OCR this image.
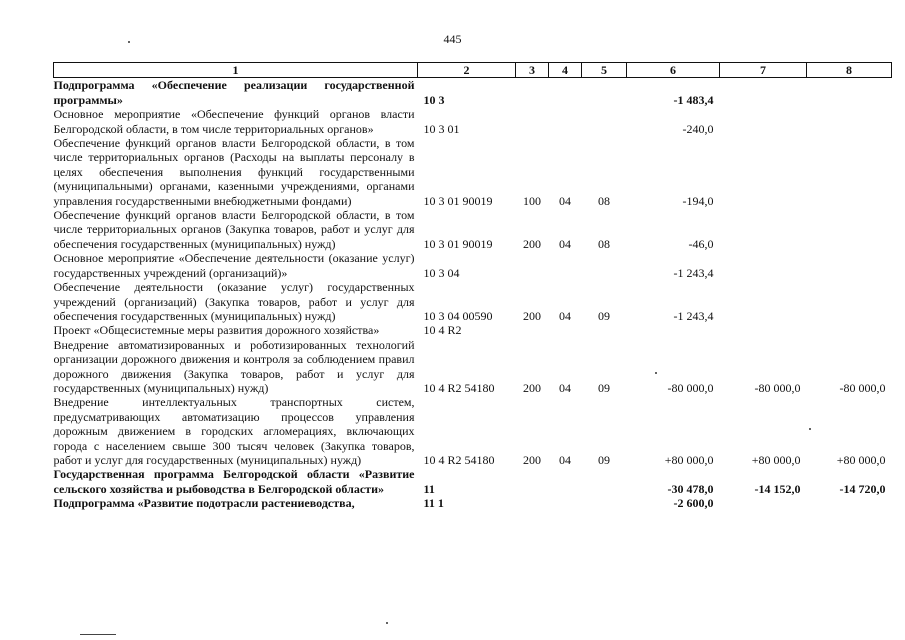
445
1	2	3	4	5	6	7	8
Подпрограмма «Обеспечение реализации государственной программы»	10 3				-1 483,4		
Основное мероприятие «Обеспечение функций органов власти Белгородской области, в том числе территориальных органов»	10 3 01				-240,0		
Обеспечение функций органов власти Белгородской области, в том числе территориальных органов (Расходы на выплаты персоналу в целях обеспечения выполнения функций государственными (муниципальными) органами, казенными учреждениями, органами управления государственными внебюджетными фондами)	10 3 01 90019	100	04	08	-194,0		
Обеспечение функций органов власти Белгородской области, в том числе территориальных органов (Закупка товаров, работ и услуг для обеспечения государственных (муниципальных) нужд)	10 3 01 90019	200	04	08	-46,0		
Основное мероприятие «Обеспечение деятельности (оказание услуг) государственных учреждений (организаций)»	10 3 04				-1 243,4		
Обеспечение деятельности (оказание услуг) государственных учреждений (организаций) (Закупка товаров, работ и услуг для обеспечения государственных (муниципальных) нужд)	10 3 04 00590	200	04	09	-1 243,4		
Проект «Общесистемные меры развития дорожного хозяйства»	10 4 R2						
Внедрение автоматизированных и роботизированных технологий организации дорожного движения и контроля за соблюдением правил дорожного движения (Закупка товаров, работ и услуг для государственных (муниципальных) нужд)	10 4 R2 54180	200	04	09	-80 000,0	-80 000,0	-80 000,0
Внедрение интеллектуальных транспортных систем, предусматривающих автоматизацию процессов управления дорожным движением в городских агломерациях, включающих города с населением свыше 300 тысяч человек (Закупка товаров, работ и услуг для государственных (муниципальных) нужд)	10 4 R2 54180	200	04	09	+80 000,0	+80 000,0	+80 000,0
Государственная программа Белгородской области «Развитие сельского хозяйства и рыбоводства в Белгородской области»	11				-30 478,0	-14 152,0	-14 720,0
Подпрограмма «Развитие подотрасли растениеводства,	11 1				-2 600,0		
